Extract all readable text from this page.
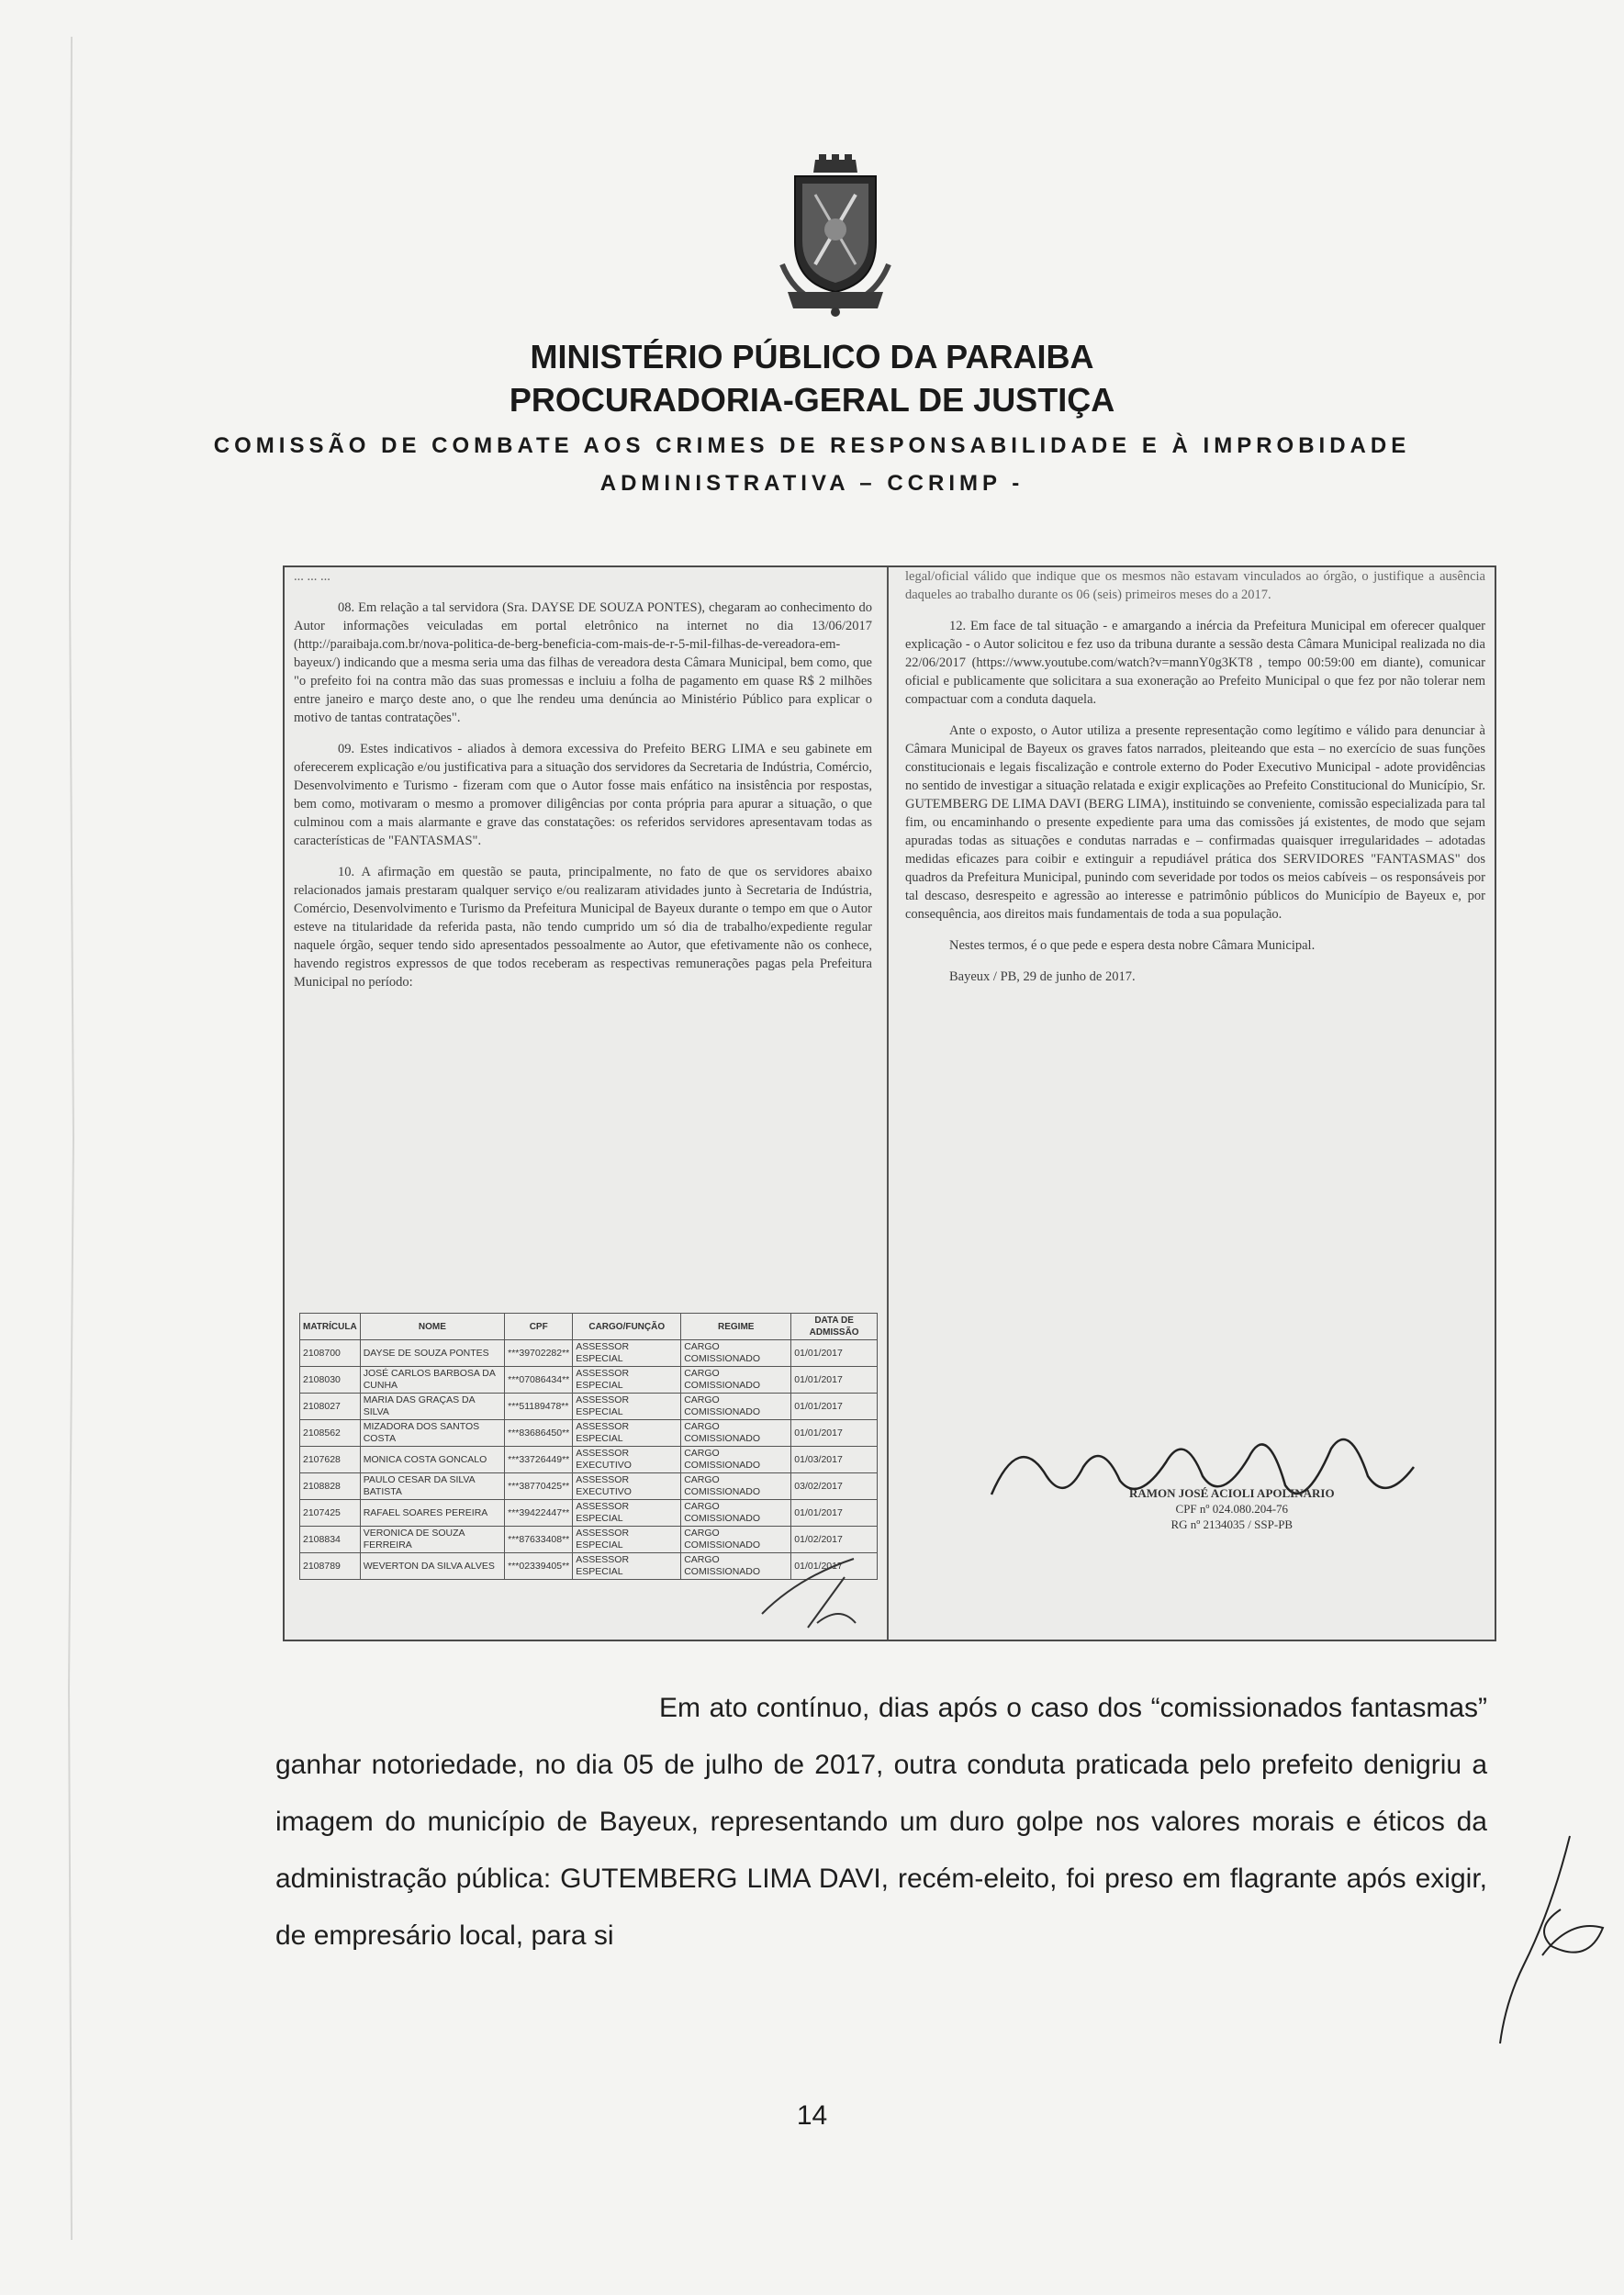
MINISTÉRIO PÚBLICO DA PARAIBA
PROCURADORIA-GERAL DE JUSTIÇA
COMISSÃO DE COMBATE AOS CRIMES DE RESPONSABILIDADE E À IMPROBIDADE
ADMINISTRATIVA – CCRIMP -

... ... ...

08. Em relação a tal servidora (Sra. DAYSE DE SOUZA PONTES), chegaram ao conhecimento do Autor informações veiculadas em portal eletrônico na internet no dia 13/06/2017 (http://paraibaja.com.br/nova-politica-de-berg-beneficia-com-mais-de-r-5-mil-filhas-de-vereadora-em-bayeux/) indicando que a mesma seria uma das filhas de vereadora desta Câmara Municipal, bem como, que "o prefeito foi na contra mão das suas promessas e incluiu a folha de pagamento em quase R$ 2 milhões entre janeiro e março deste ano, o que lhe rendeu uma denúncia ao Ministério Público para explicar o motivo de tantas contratações".

09. Estes indicativos - aliados à demora excessiva do Prefeito BERG LIMA e seu gabinete em oferecerem explicação e/ou justificativa para a situação dos servidores da Secretaria de Indústria, Comércio, Desenvolvimento e Turismo - fizeram com que o Autor fosse mais enfático na insistência por respostas, bem como, motivaram o mesmo a promover diligências por conta própria para apurar a situação, o que culminou com a mais alarmante e grave das constatações: os referidos servidores apresentavam todas as características de "FANTASMAS".

10. A afirmação em questão se pauta, principalmente, no fato de que os servidores abaixo relacionados jamais prestaram qualquer serviço e/ou realizaram atividades junto à Secretaria de Indústria, Comércio, Desenvolvimento e Turismo da Prefeitura Municipal de Bayeux durante o tempo em que o Autor esteve na titularidade da referida pasta, não tendo cumprido um só dia de trabalho/expediente regular naquele órgão, sequer tendo sido apresentados pessoalmente ao Autor, que efetivamente não os conhece, havendo registros expressos de que todos receberam as respectivas remunerações pagas pela Prefeitura Municipal no período:

MATRÍCULA	NOME	CPF	CARGO/FUNÇÃO	REGIME	DATA DE ADMISSÃO
2108700	DAYSE DE SOUZA PONTES	***39702282**	ASSESSOR ESPECIAL	CARGO COMISSIONADO	01/01/2017
2108030	JOSÉ CARLOS BARBOSA DA CUNHA	***07086434**	ASSESSOR ESPECIAL	CARGO COMISSIONADO	01/01/2017
2108027	MARIA DAS GRAÇAS DA SILVA	***51189478**	ASSESSOR ESPECIAL	CARGO COMISSIONADO	01/01/2017
2108562	MIZADORA DOS SANTOS COSTA	***83686450**	ASSESSOR ESPECIAL	CARGO COMISSIONADO	01/01/2017
2107628	MONICA COSTA GONCALO	***33726449**	ASSESSOR EXECUTIVO	CARGO COMISSIONADO	01/03/2017
2108828	PAULO CESAR DA SILVA BATISTA	***38770425**	ASSESSOR EXECUTIVO	CARGO COMISSIONADO	03/02/2017
2107425	RAFAEL SOARES PEREIRA	***39422447**	ASSESSOR ESPECIAL	CARGO COMISSIONADO	01/01/2017
2108834	VERONICA DE SOUZA FERREIRA	***87633408**	ASSESSOR ESPECIAL	CARGO COMISSIONADO	01/02/2017
2108789	WEVERTON DA SILVA ALVES	***02339405**	ASSESSOR ESPECIAL	CARGO COMISSIONADO	01/01/2017

legal/oficial válido que indique que os mesmos não estavam vinculados ao órgão, o justifique a ausência daqueles ao trabalho durante os 06 (seis) primeiros meses do a 2017.

12. Em face de tal situação - e amargando a inércia da Prefeitura Municipal em oferecer qualquer explicação - o Autor solicitou e fez uso da tribuna durante a sessão desta Câmara Municipal realizada no dia 22/06/2017 (https://www.youtube.com/watch?v=mannY0g3KT8 , tempo 00:59:00 em diante), comunicar oficial e publicamente que solicitara a sua exoneração ao Prefeito Municipal o que fez por não tolerar nem compactuar com a conduta daquela.

Ante o exposto, o Autor utiliza a presente representação como legítimo e válido para denunciar à Câmara Municipal de Bayeux os graves fatos narrados, pleiteando que esta – no exercício de suas funções constitucionais e legais fiscalização e controle externo do Poder Executivo Municipal - adote providências no sentido de investigar a situação relatada e exigir explicações ao Prefeito Constitucional do Município, Sr. GUTEMBERG DE LIMA DAVI (BERG LIMA), instituindo se conveniente, comissão especializada para tal fim, ou encaminhando o presente expediente para uma das comissões já existentes, de modo que sejam apuradas todas as situações e condutas narradas e – confirmadas quaisquer irregularidades – adotadas medidas eficazes para coibir e extinguir a repudiável prática dos SERVIDORES "FANTASMAS" dos quadros da Prefeitura Municipal, punindo com severidade por todos os meios cabíveis – os responsáveis por tal descaso, desrespeito e agressão ao interesse e patrimônio públicos do Município de Bayeux e, por consequência, aos direitos mais fundamentais de toda a sua população.

Nestes termos, é o que pede e espera desta nobre Câmara Municipal.

Bayeux / PB, 29 de junho de 2017.

RAMON JOSÉ ACIOLI APOLINÁRIO
CPF nº 024.080.204-76
RG nº 2134035 / SSP-PB

Em ato contínuo, dias após o caso dos “comissionados fantasmas” ganhar notoriedade, no dia 05 de julho de 2017, outra conduta praticada pelo prefeito denigriu a imagem do município de Bayeux, representando um duro golpe nos valores morais e éticos da administração pública: GUTEMBERG LIMA DAVI, recém-eleito, foi preso em flagrante após exigir, de empresário local, para si

14
